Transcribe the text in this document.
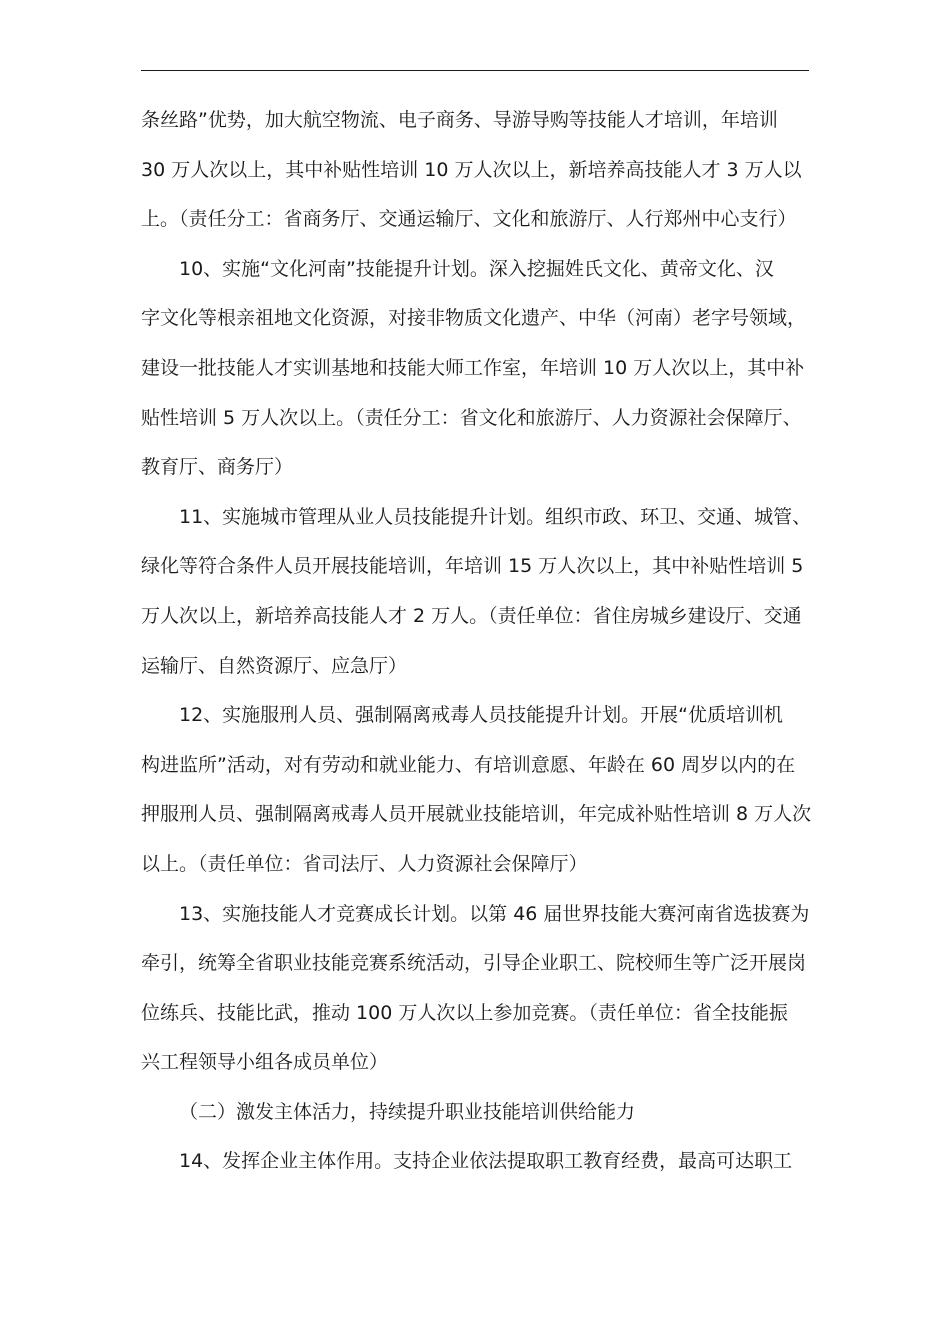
条丝路”优势，加大航空物流、电子商务、导游导购等技能人才培训，年培训
30 万人次以上，其中补贴性培训 10 万人次以上，新培养高技能人才 3 万人以
上。（责任分工：省商务厅、交通运输厅、文化和旅游厅、人行郑州中心支行）
10、实施“文化河南”技能提升计划。深入挖掘姓氏文化、黄帝文化、汉
字文化等根亲祖地文化资源，对接非物质文化遗产、中华（河南）老字号领域，
建设一批技能人才实训基地和技能大师工作室，年培训 10 万人次以上，其中补
贴性培训 5 万人次以上。（责任分工：省文化和旅游厅、人力资源社会保障厅、
教育厅、商务厅）
11、实施城市管理从业人员技能提升计划。组织市政、环卫、交通、城管、
绿化等符合条件人员开展技能培训，年培训 15 万人次以上，其中补贴性培训 5
万人次以上，新培养高技能人才 2 万人。（责任单位：省住房城乡建设厅、交通
运输厅、自然资源厅、应急厅）
12、实施服刑人员、强制隔离戒毒人员技能提升计划。开展“优质培训机
构进监所”活动，对有劳动和就业能力、有培训意愿、年龄在 60 周岁以内的在
押服刑人员、强制隔离戒毒人员开展就业技能培训，年完成补贴性培训 8 万人次
以上。（责任单位：省司法厅、人力资源社会保障厅）
13、实施技能人才竞赛成长计划。以第 46 届世界技能大赛河南省选拔赛为
牵引，统筹全省职业技能竞赛系统活动，引导企业职工、院校师生等广泛开展岗
位练兵、技能比武，推动 100 万人次以上参加竞赛。（责任单位：省全技能振
兴工程领导小组各成员单位）
（二）激发主体活力，持续提升职业技能培训供给能力
14、发挥企业主体作用。支持企业依法提取职工教育经费，最高可达职工
